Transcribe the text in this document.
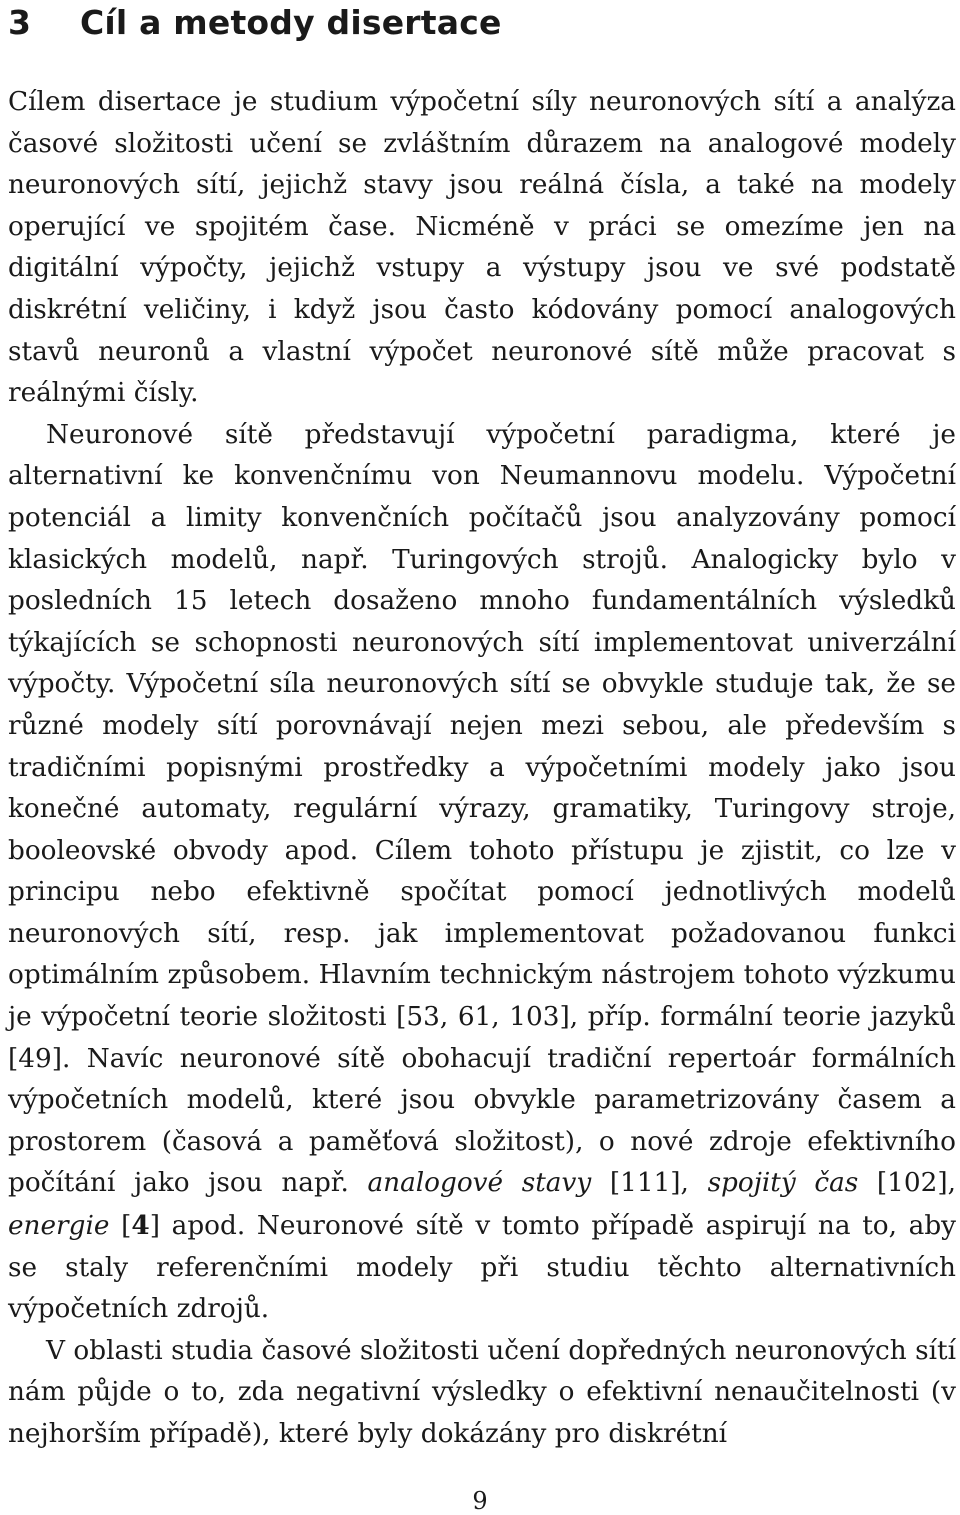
3 Cíl a metody disertace

Cílem disertace je studium výpočetní síly neuronových sítí a analýza časové složitosti učení se zvláštním důrazem na analogové modely neuronových sítí, jejichž stavy jsou reálná čísla, a také na modely operující ve spojitém čase. Nicméně v práci se omezíme jen na digitální výpočty, jejichž vstupy a výstupy jsou ve své podstatě diskrétní veličiny, i když jsou často kódovány pomocí analogových stavů neuronů a vlastní výpočet neuronové sítě může pracovat s reálnými čísly.

Neuronové sítě představují výpočetní paradigma, které je alternativní ke konvenčnímu von Neumannovu modelu. Výpočetní potenciál a limity konvenčních počítačů jsou analyzovány pomocí klasických modelů, např. Turingových strojů. Analogicky bylo v posledních 15 letech dosaženo mnoho fundamentálních výsledků týkajících se schopnosti neuronových sítí implementovat univerzální výpočty. Výpočetní síla neuronových sítí se obvykle studuje tak, že se různé modely sítí porovnávají nejen mezi sebou, ale především s tradičními popisnými prostředky a výpočetními modely jako jsou konečné automaty, regulární výrazy, gramatiky, Turingovy stroje, booleovské obvody apod. Cílem tohoto přístupu je zjistit, co lze v principu nebo efektivně spočítat pomocí jednotlivých modelů neuronových sítí, resp. jak implementovat požadovanou funkci optimálním způsobem. Hlavním technickým nástrojem tohoto výzkumu je výpočetní teorie složitosti [53, 61, 103], příp. formální teorie jazyků [49]. Navíc neuronové sítě obohacují tradiční repertoár formálních výpočetních modelů, které jsou obvykle parametrizovány časem a prostorem (časová a paměťová složitost), o nové zdroje efektivního počítání jako jsou např. analogové stavy [111], spojitý čas [102], energie [4] apod. Neuronové sítě v tomto případě aspirují na to, aby se staly referenčními modely při studiu těchto alternativních výpočetních zdrojů.

V oblasti studia časové složitosti učení dopředných neuronových sítí nám půjde o to, zda negativní výsledky o efektivní nenaučitelnosti (v nejhorším případě), které byly dokázány pro diskrétní

9
